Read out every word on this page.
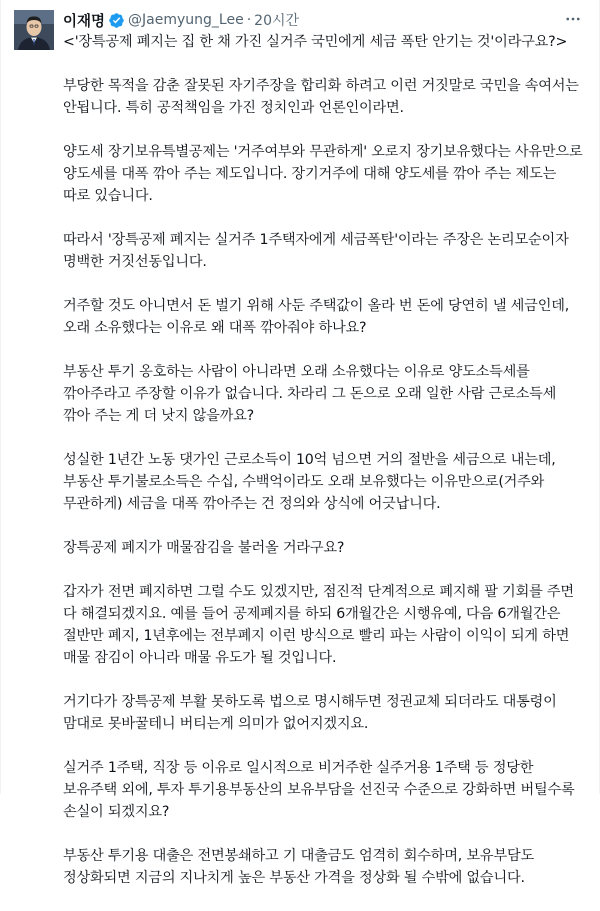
이재명 @Jaemyung_Lee · 20시간

<'장특공제 폐지는 집 한 채 가진 실거주 국민에게 세금 폭탄 안기는 것'이라구요?>

부당한 목적을 감춘 잘못된 자기주장을 합리화 하려고 이런 거짓말로 국민을 속여서는 안됩니다. 특히 공적책임을 가진 정치인과 언론인이라면.

양도세 장기보유특별공제는 '거주여부와 무관하게' 오로지 장기보유했다는 사유만으로 양도세를 대폭 깎아 주는 제도입니다. 장기거주에 대해 양도세를 깎아 주는 제도는 따로 있습니다.

따라서 '장특공제 폐지는 실거주 1주택자에게 세금폭탄'이라는 주장은 논리모순이자 명백한 거짓선동입니다.

거주할 것도 아니면서 돈 벌기 위해 사둔 주택값이 올라 번 돈에 당연히 낼 세금인데, 오래 소유했다는 이유로 왜 대폭 깎아줘야 하나요?

부동산 투기 옹호하는 사람이 아니라면 오래 소유했다는 이유로 양도소득세를 깎아주라고 주장할 이유가 없습니다. 차라리 그 돈으로 오래 일한 사람 근로소득세 깎아 주는 게 더 낫지 않을까요?

성실한 1년간 노동 댓가인 근로소득이 10억 넘으면 거의 절반을 세금으로 내는데, 부동산 투기불로소득은 수십, 수백억이라도 오래 보유했다는 이유만으로(거주와 무관하게) 세금을 대폭 깎아주는 건 정의와 상식에 어긋납니다.

장특공제 폐지가 매물잠김을 불러올 거라구요?

갑자가 전면 폐지하면 그럴 수도 있겠지만, 점진적 단계적으로 폐지해 팔 기회를 주면 다 해결되겠지요. 예를 들어 공제폐지를 하되 6개월간은 시행유예, 다음 6개월간은 절반만 폐지, 1년후에는 전부폐지 이런 방식으로 빨리 파는 사람이 이익이 되게 하면 매물 잠김이 아니라 매물 유도가 될 것입니다.

거기다가 장특공제 부활 못하도록 법으로 명시해두면 정권교체 되더라도 대통령이 맘대로 못바꿀테니 버티는게 의미가 없어지겠지요.

실거주 1주택, 직장 등 이유로 일시적으로 비거주한 실주거용 1주택 등 정당한 보유주택 외에, 투자 투기용부동산의 보유부담을 선진국 수준으로 강화하면 버틸수록 손실이 되겠지요?

부동산 투기용 대출은 전면봉쇄하고 기 대출금도 엄격히 회수하며, 보유부담도 정상화되면 지금의 지나치게 높은 부동산 가격을 정상화 될 수밖에 없습니다.
